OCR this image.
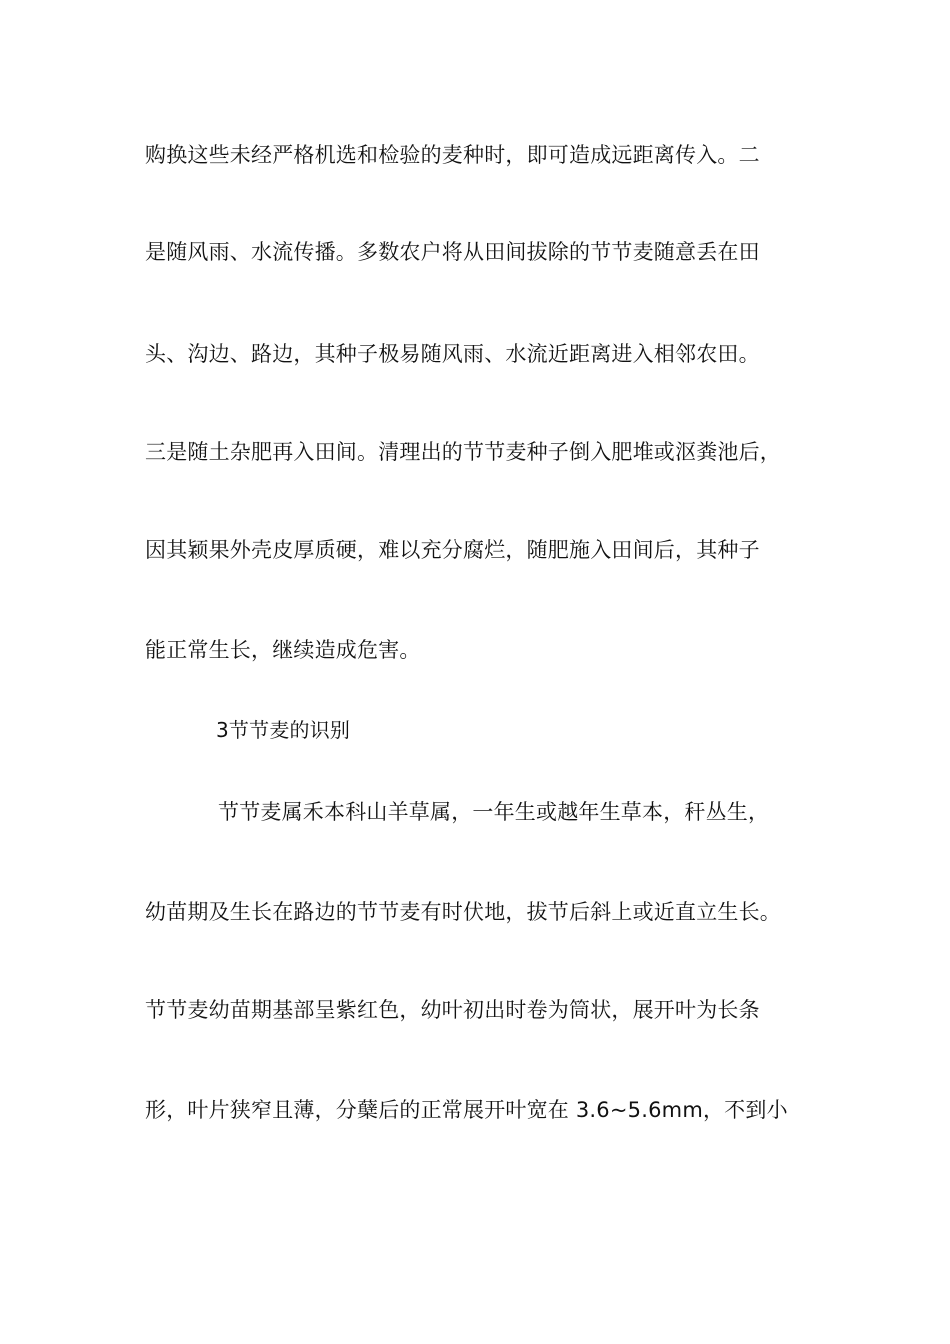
购换这些未经严格机选和检验的麦种时，即可造成远距离传入。二
是随风雨、水流传播。多数农户将从田间拔除的节节麦随意丢在田
头、沟边、路边，其种子极易随风雨、水流近距离进入相邻农田。
三是随土杂肥再入田间。清理出的节节麦种子倒入肥堆或沤粪池后，
因其颖果外壳皮厚质硬，难以充分腐烂，随肥施入田间后，其种子
能正常生长，继续造成危害。
3节节麦的识别
节节麦属禾本科山羊草属，一年生或越年生草本，秆丛生，
幼苗期及生长在路边的节节麦有时伏地，拔节后斜上或近直立生长。
节节麦幼苗期基部呈紫红色，幼叶初出时卷为筒状，展开叶为长条
形，叶片狭窄且薄，分蘖后的正常展开叶宽在 3.6~5.6mm，不到小
